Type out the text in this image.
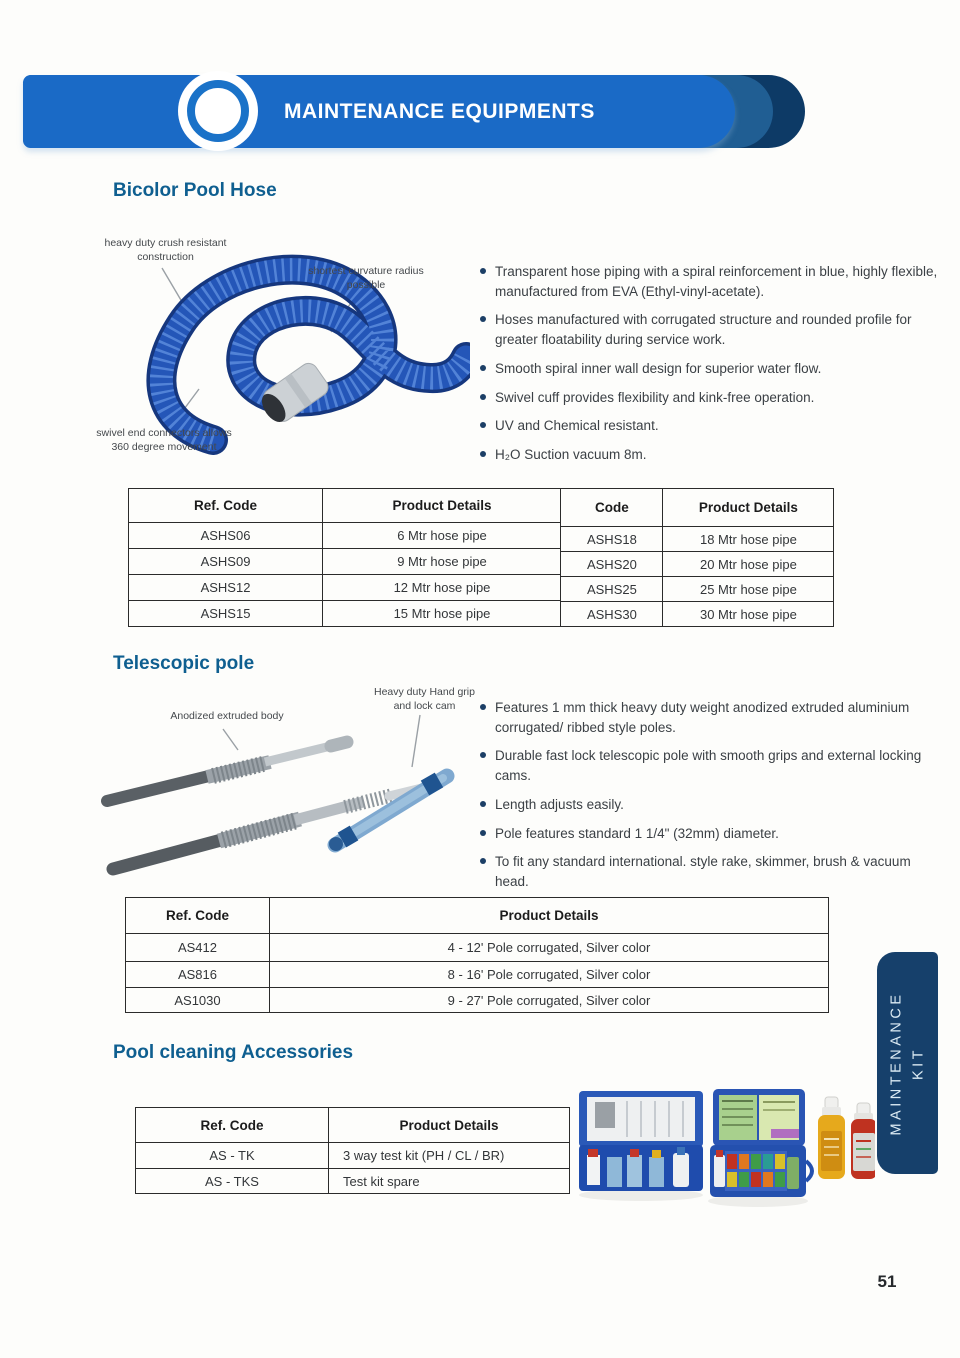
MAINTENANCE EQUIPMENTS
Bicolor Pool Hose
heavy duty crush resistant construction
shortest curvature radius possible
swivel end connectors allows 360 degree movement
Transparent hose piping with a spiral reinforcement in blue, highly flexible, manufactured from EVA (Ethyl-vinyl-acetate).
Hoses manufactured with corrugated structure and rounded profile for greater floatability during service work.
Smooth spiral inner wall design for superior water flow.
Swivel cuff provides flexibility and kink-free operation.
UV and Chemical resistant.
H₂O Suction vacuum 8m.
Ref. Code	Product Details
ASHS06	6 Mtr hose pipe
ASHS09	9 Mtr hose pipe
ASHS12	12 Mtr hose pipe
ASHS15	15 Mtr hose pipe
Code	Product Details
ASHS18	18 Mtr hose pipe
ASHS20	20 Mtr hose pipe
ASHS25	25 Mtr hose pipe
ASHS30	30 Mtr hose pipe
Telescopic pole
Anodized extruded body
Heavy duty Hand grip and lock cam	Features 1 mm thick heavy duty weight anodized extruded aluminium corrugated/ ribbed style poles.
Durable fast lock telescopic pole with smooth grips and external locking cams.
Length adjusts easily.
Pole features standard 1 1/4" (32mm) diameter.
To fit any standard international. style rake, skimmer, brush & vacuum head.
Ref. Code	Product Details
AS412	4 - 12' Pole corrugated, Silver color
AS816	8 - 16' Pole corrugated, Silver color
AS1030	9 - 27' Pole corrugated, Silver color
Pool cleaning Accessories
Ref. Code	Product Details
AS - TK	3 way test kit (PH / CL / BR)
AS - TKS	Test kit spare
MAINTENANCE KIT
51
